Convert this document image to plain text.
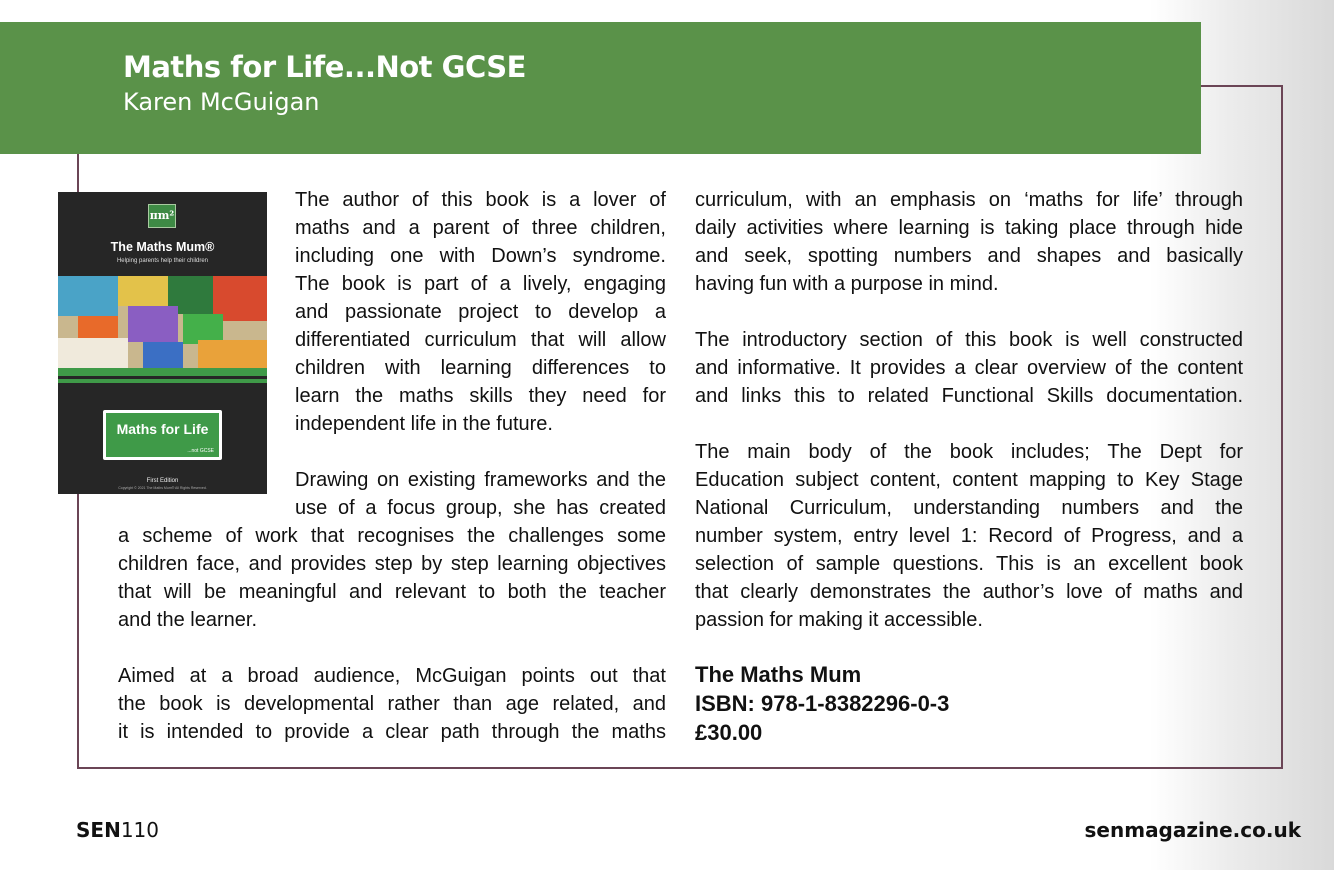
Maths for Life...Not GCSE
Karen McGuigan
πm²
The Maths Mum®
Helping parents help their children
Maths for Life
...not GCSE
First Edition
Copyright © 2021 The Maths Mum® All Rights Reserved.

The author of this book is a lover of
maths and a parent of three children,
including one with Down’s syndrome.
The book is part of a lively, engaging
and passionate project to develop a
differentiated curriculum that will allow
children with learning differences to
learn the maths skills they need for

independent life in the future.

Drawing on existing frameworks and the
use of a focus group, she has created

a scheme of work that recognises the challenges some
children face, and provides step by step learning objectives
that will be meaningful and relevant to both the teacher

and the learner.

Aimed at a broad audience, McGuigan points out that
the book is developmental rather than age related, and
it is intended to provide a clear path through the maths

curriculum, with an emphasis on ‘maths for life’ through
daily activities where learning is taking place through hide
and seek, spotting numbers and shapes and basically

having fun with a purpose in mind.

The introductory section of this book is well constructed
and informative. It provides a clear overview of the content

and links this to related Functional Skills documentation.

The main body of the book includes; The Dept for
Education subject content, content mapping to Key Stage
National Curriculum, understanding numbers and the
number system, entry level 1: Record of Progress, and a
selection of sample questions. This is an excellent book
that clearly demonstrates the author’s love of maths and

passion for making it accessible.

The Maths Mum

ISBN: 978-1-8382296-0-3

£30.00

SEN110	senmagazine.co.uk
